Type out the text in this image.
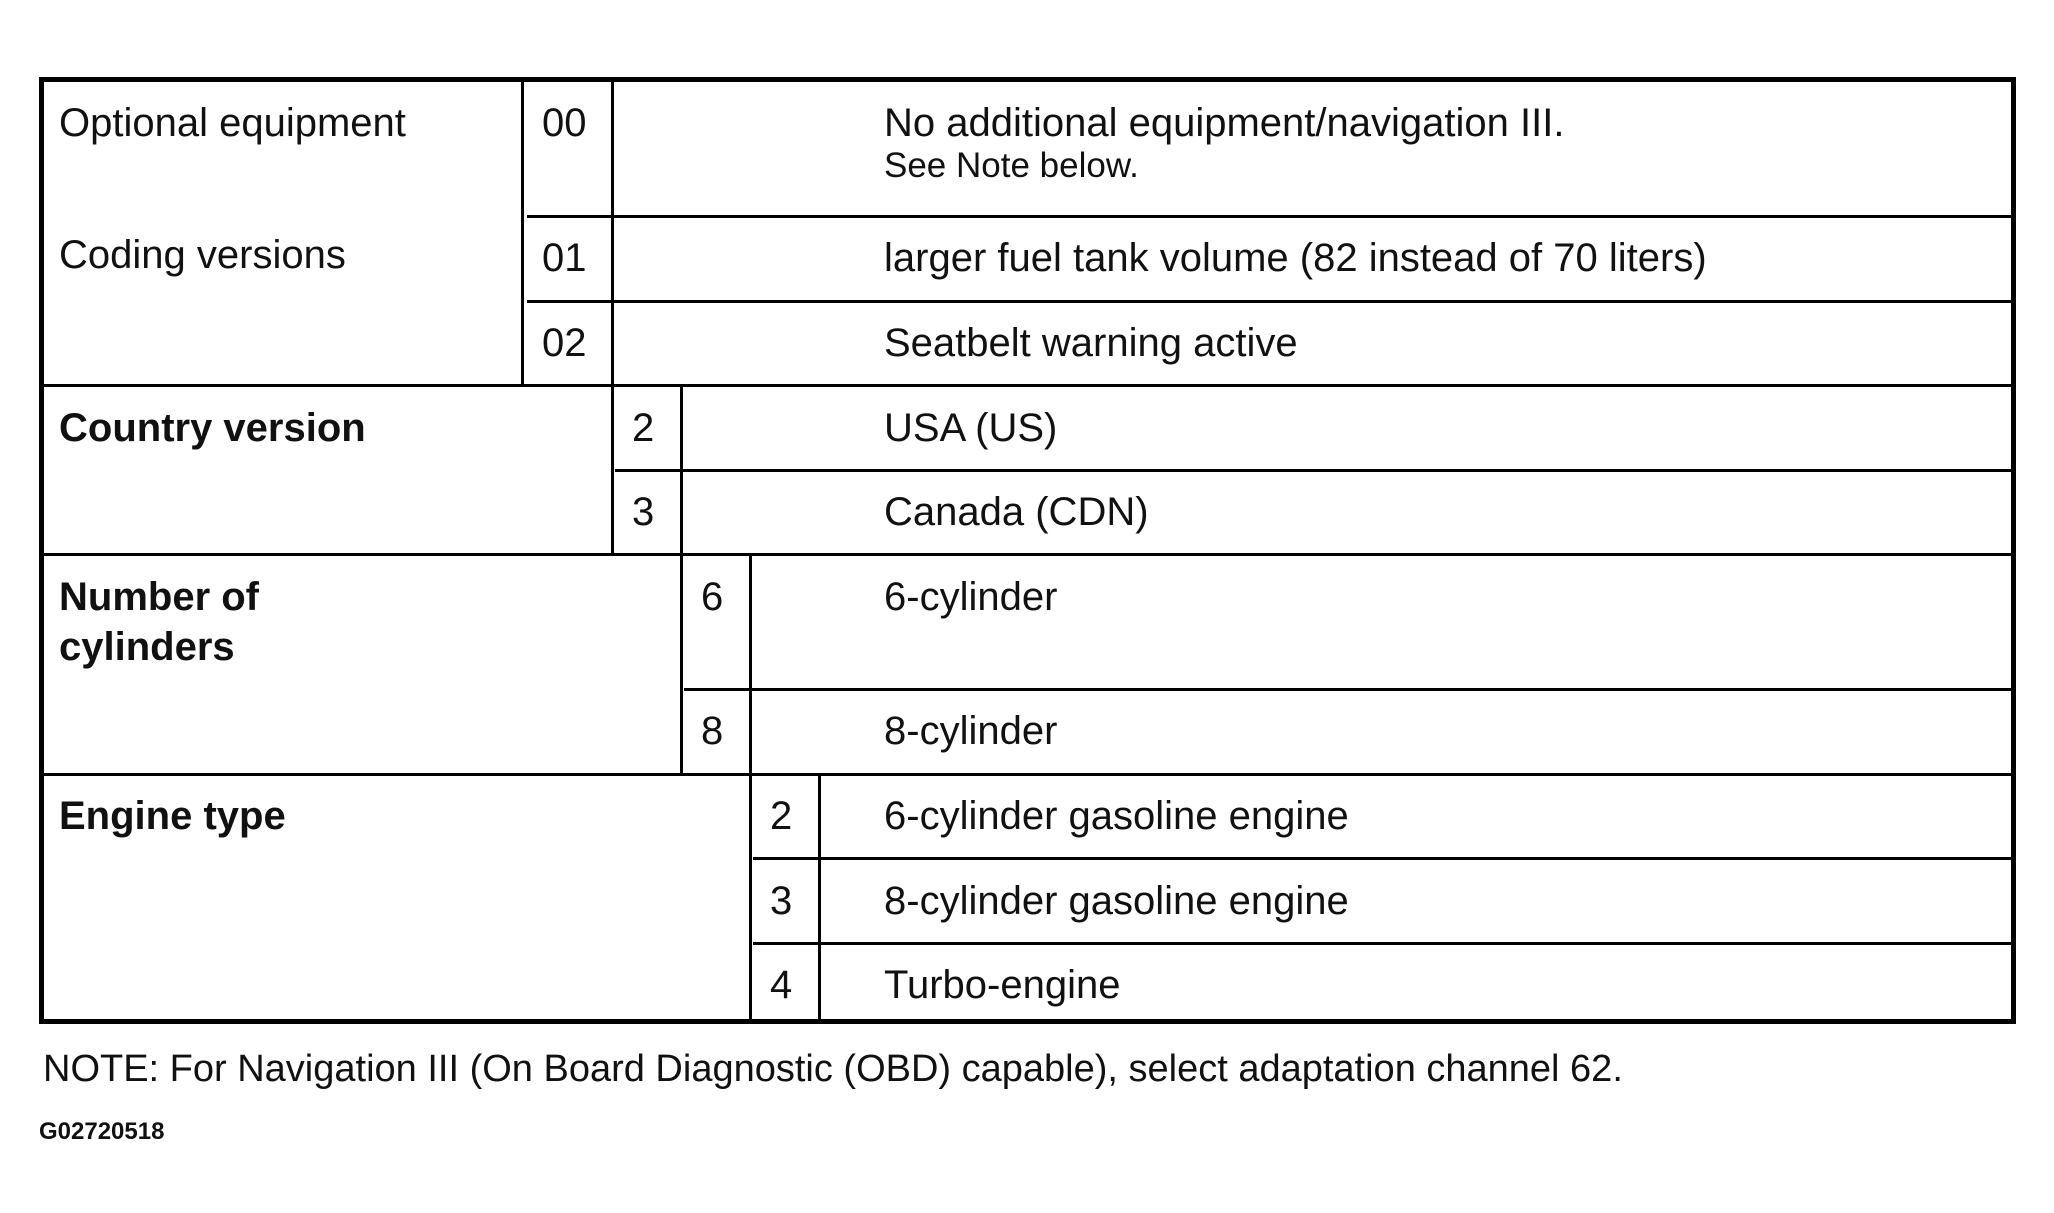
Optional equipment
Coding versions
00	No additional equipment/navigation III.
See Note below.
01	larger fuel tank volume (82 instead of 70 liters)
02	Seatbelt warning active
Country version	2	USA (US)
3	Canada (CDN)
Number of
cylinders
6	6-cylinder
8	8-cylinder
Engine type	2 6-cylinder gasoline engine
3 8-cylinder gasoline engine
4 Turbo-engine
NOTE: For Navigation III (On Board Diagnostic (OBD) capable), select adaptation channel 62.
G02720518
